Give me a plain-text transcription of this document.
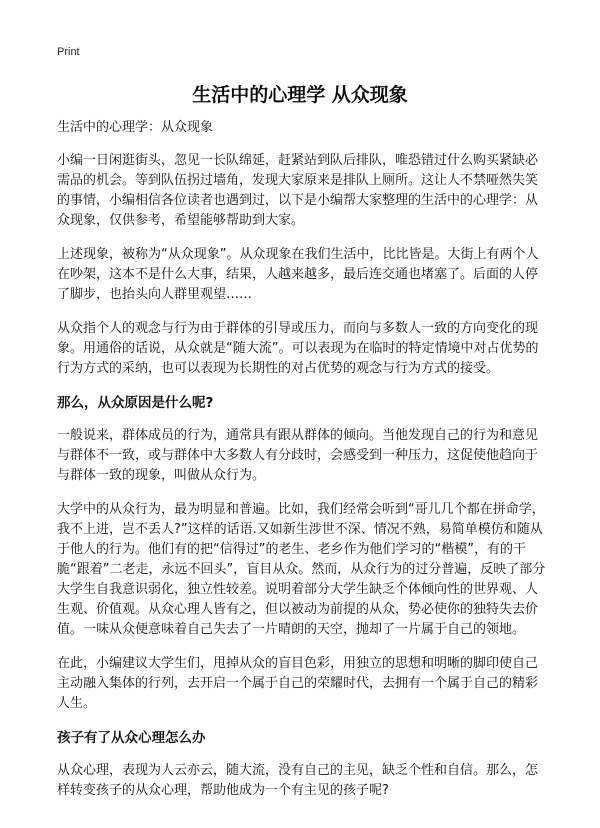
Print
生活中的心理学 从众现象

生活中的心理学：从众现象

小编一日闲逛街头，忽见一长队绵延，赶紧站到队后排队，唯恐错过什么购买紧缺必需品的机会。等到队伍拐过墙角，发现大家原来是排队上厕所。这让人不禁哑然失笑的事情，小编相信各位读者也遇到过，以下是小编帮大家整理的生活中的心理学：从众现象，仅供参考，希望能够帮助到大家。

上述现象，被称为“从众现象”。从众现象在我们生活中，比比皆是。大街上有两个人在吵架，这本不是什么大事，结果，人越来越多，最后连交通也堵塞了。后面的人停了脚步，也抬头向人群里观望……

从众指个人的观念与行为由于群体的引导或压力，而向与多数人一致的方向变化的现象。用通俗的话说，从众就是“随大流”。可以表现为在临时的特定情境中对占优势的行为方式的采纳，也可以表现为长期性的对占优势的观念与行为方式的接受。

那么，从众原因是什么呢?

一般说来，群体成员的行为，通常具有跟从群体的倾向。当他发现自己的行为和意见与群体不一致，或与群体中大多数人有分歧时，会感受到一种压力，这促使他趋向于与群体一致的现象，叫做从众行为。

大学中的从众行为，最为明显和普遍。比如，我们经常会听到“哥儿几个都在拼命学，我不上进，岂不丢人?”这样的话语.又如新生涉世不深、情况不熟，易简单模仿和随从于他人的行为。他们有的把“信得过”的老生、老乡作为他们学习的“楷模”，有的干脆“跟着”二老走，永远不回头”，盲目从众。然而，从众行为的过分普遍，反映了部分大学生自我意识弱化，独立性较差。说明着部分大学生缺乏个体倾向性的世界观、人生观、价值观。从众心理人皆有之，但以被动为前提的从众，势必使你的独特失去价值。一味从众便意味着自己失去了一片晴朗的天空，抛却了一片属于自己的领地。

在此，小编建议大学生们，甩掉从众的盲目色彩，用独立的思想和明晰的脚印使自己主动融入集体的行列，去开启一个属于自己的荣耀时代，去拥有一个属于自己的精彩人生。

孩子有了从众心理怎么办

从众心理，表现为人云亦云，随大流，没有自己的主见，缺乏个性和自信。那么，怎样转变孩子的从众心理，帮助他成为一个有主见的孩子呢?
